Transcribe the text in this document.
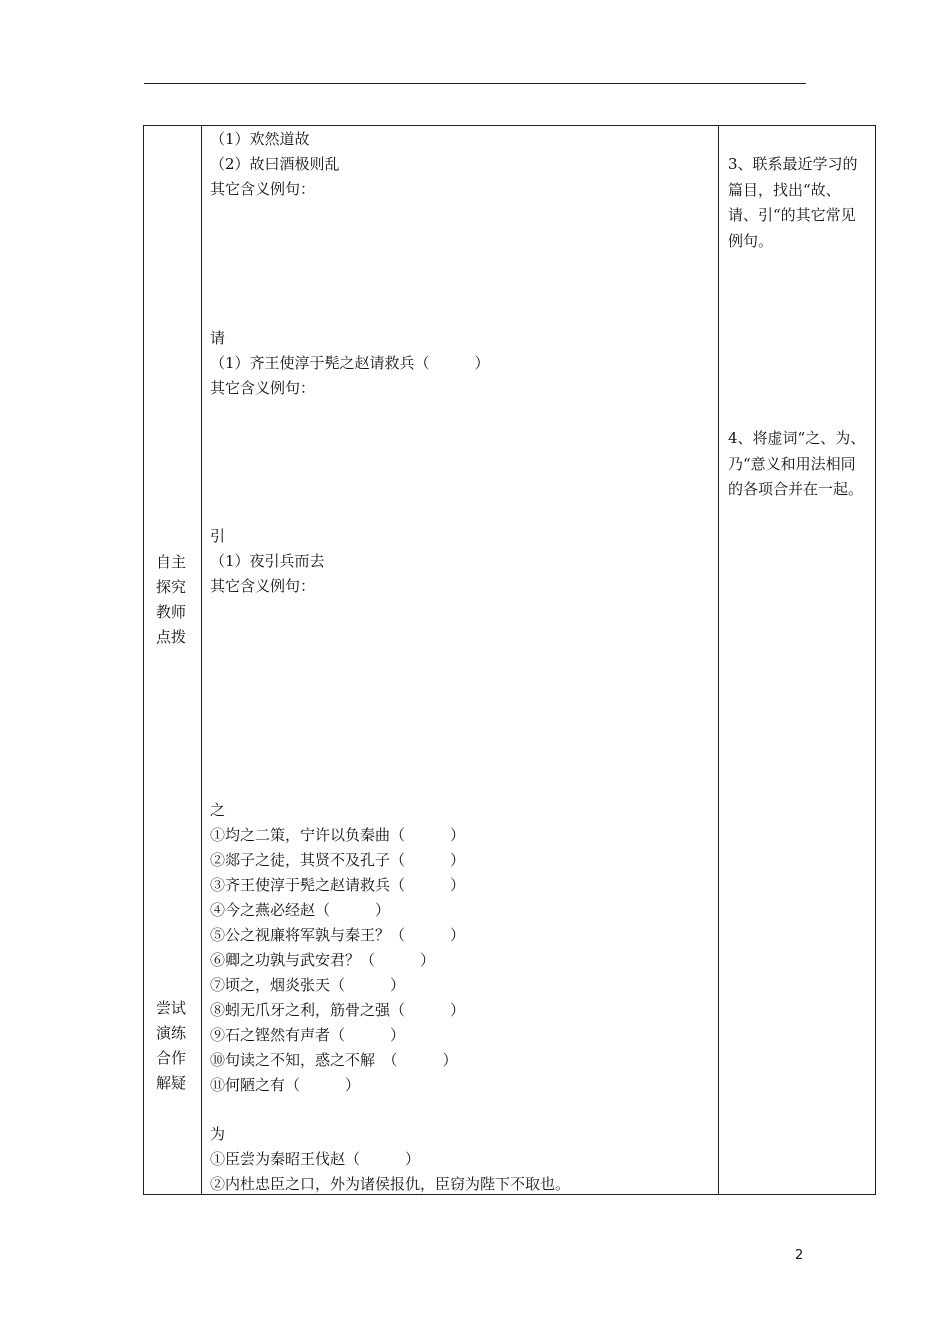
自主探究教师点拨
尝试演练合作解疑
（1）欢然道故
（2）故曰酒极则乱
其它含义例句：
请
（1）齐王使淳于髡之赵请救兵（　　　）
其它含义例句：
引
（1）夜引兵而去
其它含义例句：
之
①均之二策，宁许以负秦曲（　　　）
②郯子之徒，其贤不及孔子（　　　）
③齐王使淳于髡之赵请救兵（　　　）
④今之燕必经赵（　　　）
⑤公之视廉将军孰与秦王？（　　　）
⑥卿之功孰与武安君？（　　　）
⑦顷之，烟炎张天（　　　）
⑧蚓无爪牙之利，筋骨之强（　　　）
⑨石之铿然有声者（　　　）
⑩句读之不知，惑之不解　（　　　）
⑪何陋之有（　　　）
为
①臣尝为秦昭王伐赵（　　　）
②内杜忠臣之口，外为诸侯报仇，臣窃为陛下不取也。
3、联系最近学习的篇目，找出“故、请、引“的其它常见例句。
4、将虚词“之、为、乃“意义和用法相同的各项合并在一起。
2
